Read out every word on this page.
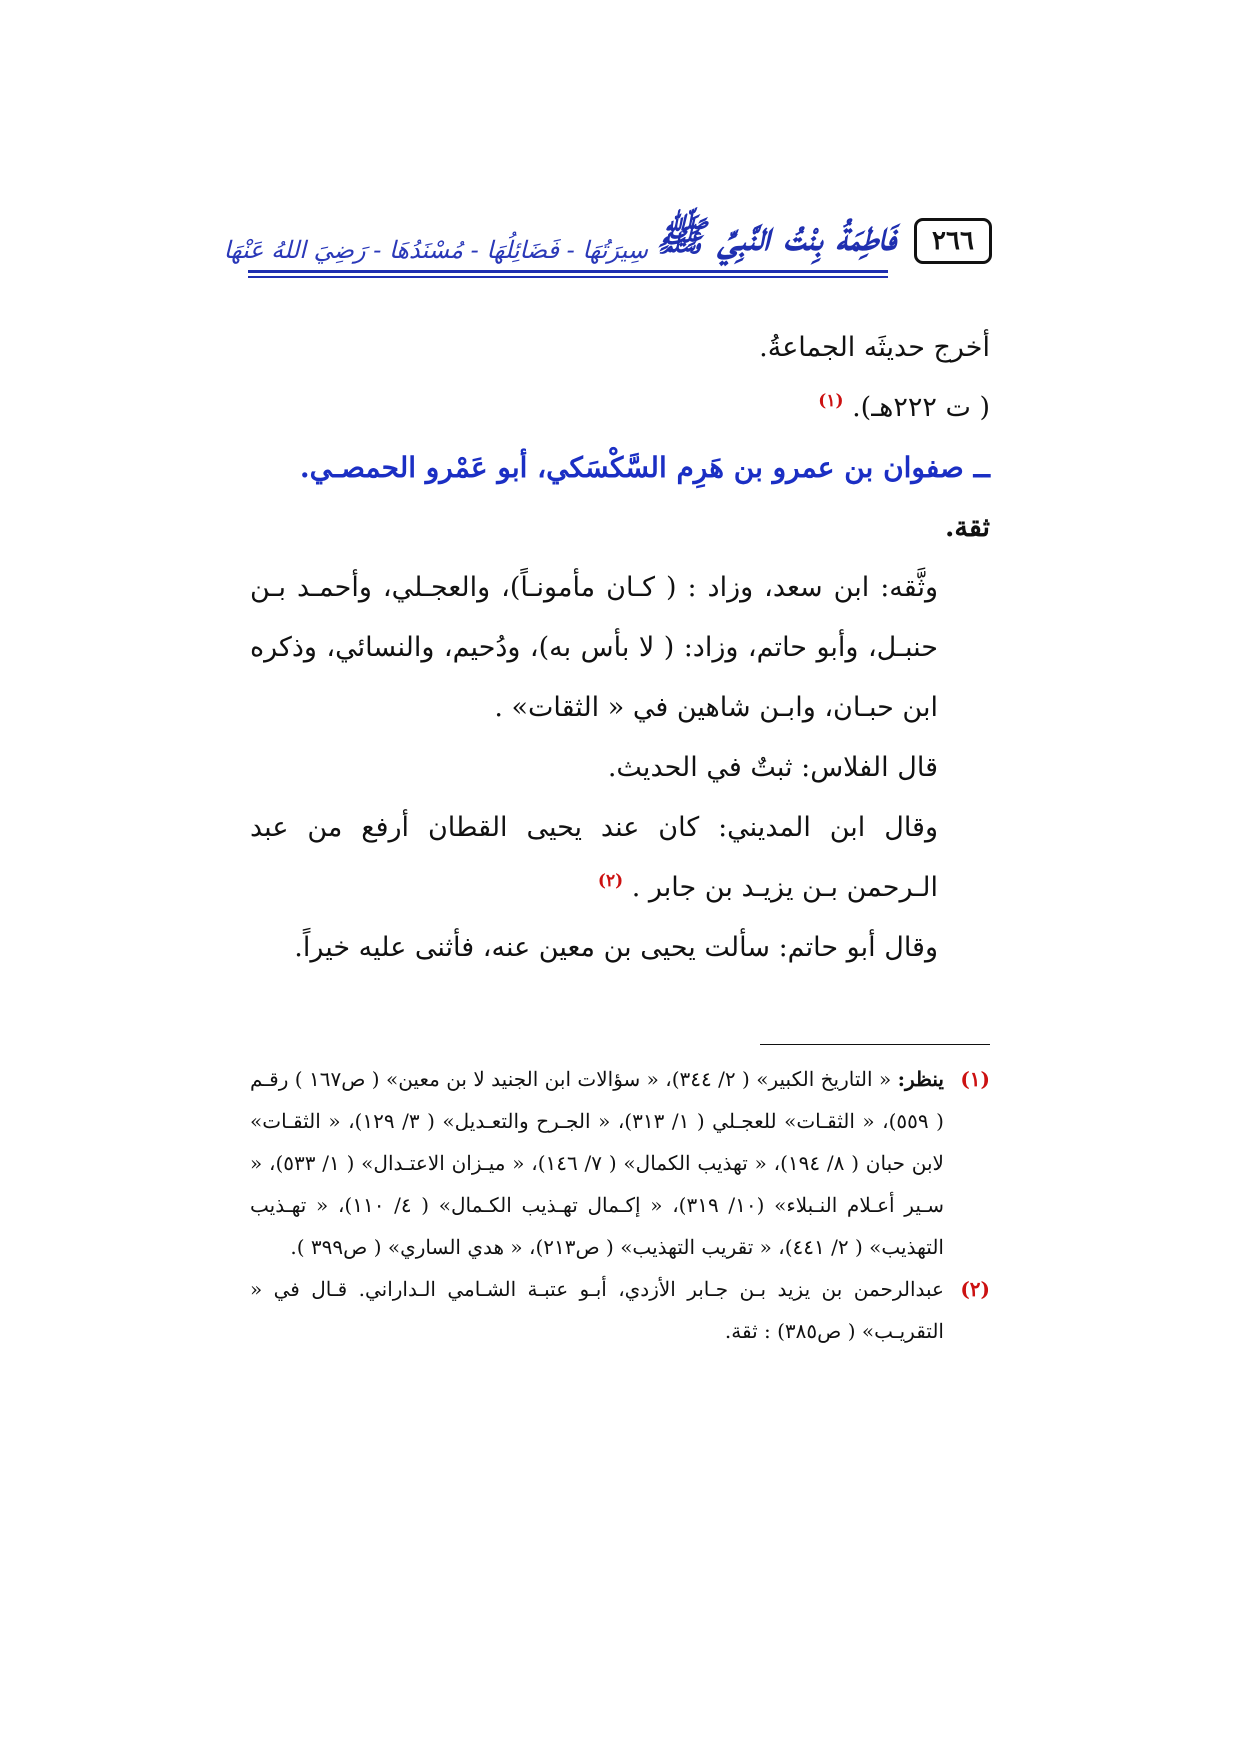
٢٦٦
فَاطِمَةُ بِنْتُ النَّبِيِّ ﷺ
سِيرَتُهَا - فَضَائِلُهَا - مُسْنَدُهَا - رَضِيَ اللهُ عَنْهَا

أخرج حديثَه الجماعةُ.

( ت ٢٢٢هـ). $^{(١)}$

ــ صفوان بن عمرو بن هَرِم السَّكْسَكي، أبو عَمْرو الحمصـي.

ثقة.

وثَّقه: ابن سعد، وزاد : ( كـان مأمونـاً)، والعجـلي، وأحمـد بـن حنبـل، وأبو حاتم، وزاد: ( لا بأس به)، ودُحيم، والنسائي، وذكره ابن حبـان، وابـن شاهين في « الثقات» .

قال الفلاس: ثبتٌ في الحديث.

وقال ابن المديني: كان عند يحيى القطان أرفع من عبد الـرحمن بـن يزيـد بن جابر . $^{(٢)}$

وقال أبو حاتم: سألت يحيى بن معين عنه، فأثنى عليه خيراً.

(١)
ينظر: « التاريخ الكبير» ( ٢/ ٣٤٤)، « سؤالات ابن الجنيد لا بن معين» ( ص١٦٧ ) رقـم ( ٥٥٩)، « الثقـات» للعجـلي ( ١/ ٣١٣)، « الجـرح والتعـديل» ( ٣/ ١٢٩)، « الثقـات» لابن حبان ( ٨/ ١٩٤)، « تهذيب الكمال» ( ٧/ ١٤٦)، « ميـزان الاعتـدال» ( ١/ ٥٣٣)، « سـير أعـلام النـبلاء» (١٠/ ٣١٩)، « إكـمال تهـذيب الكـمال» ( ٤/ ١١٠)، « تهـذيب التهذيب» ( ٢/ ٤٤١)، « تقريب التهذيب» ( ص٢١٣)، « هدي الساري» ( ص٣٩٩ ).

(٢)
عبدالرحمن بن يزيد بـن جـابر الأزدي، أبـو عتبـة الشـامي الـداراني. قـال في « التقريـب» ( ص٣٨٥) : ثقة.
